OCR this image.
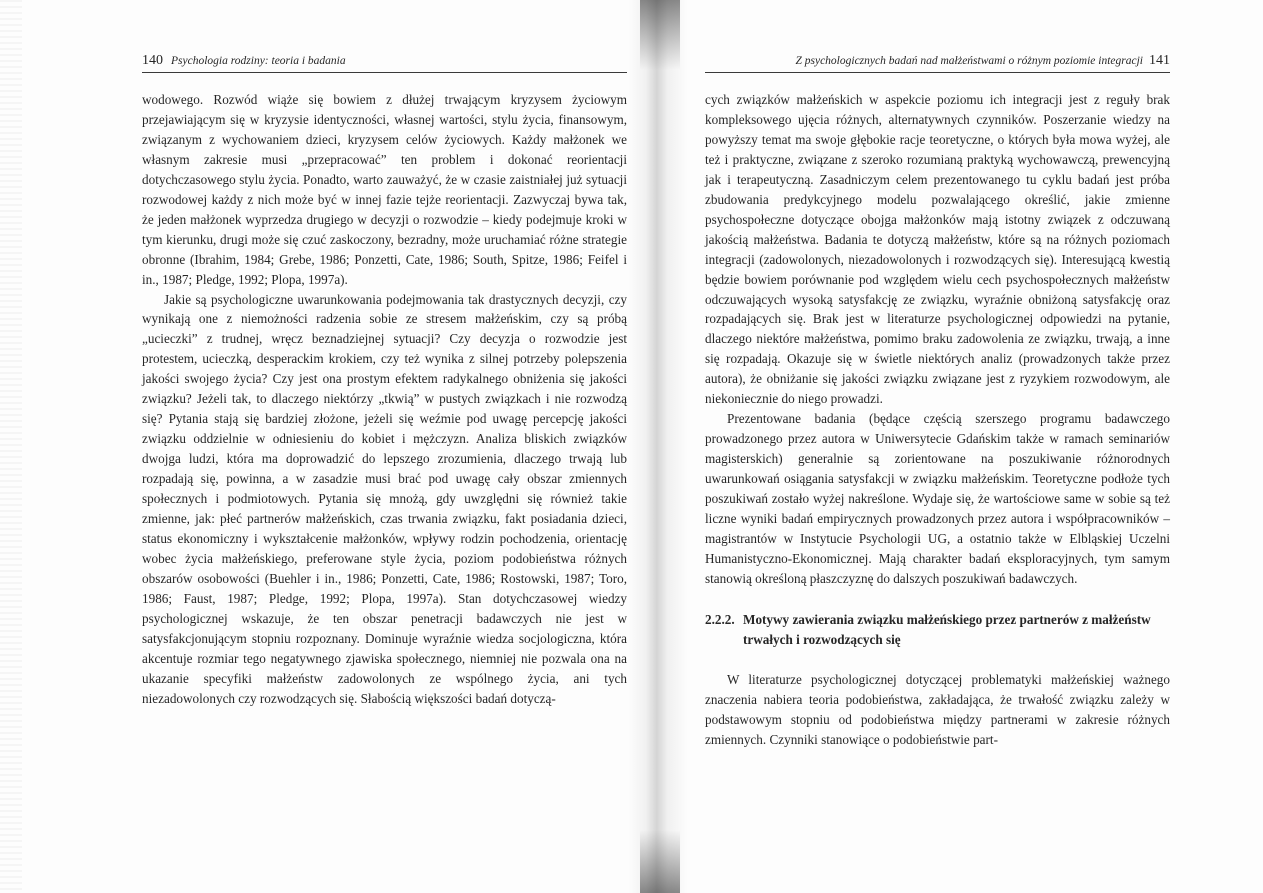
140 Psychologia rodziny: teoria i badania

wodowego. Rozwód wiąże się bowiem z dłużej trwającym kryzysem życiowym przejawiającym się w kryzysie identyczności, własnej wartości, stylu życia, finansowym, związanym z wychowaniem dzieci, kryzysem celów życiowych. Każdy małżonek we własnym zakresie musi „przepracować” ten problem i dokonać reorientacji dotychczasowego stylu życia. Ponadto, warto zauważyć, że w czasie zaistniałej już sytuacji rozwodowej każdy z nich może być w innej fazie tejże reorientacji. Zazwyczaj bywa tak, że jeden małżonek wyprzedza drugiego w decyzji o rozwodzie – kiedy podejmuje kroki w tym kierunku, drugi może się czuć zaskoczony, bezradny, może uruchamiać różne strategie obronne (Ibrahim, 1984; Grebe, 1986; Ponzetti, Cate, 1986; South, Spitze, 1986; Feifel i in., 1987; Pledge, 1992; Plopa, 1997a).

Jakie są psychologiczne uwarunkowania podejmowania tak drastycznych decyzji, czy wynikają one z niemożności radzenia sobie ze stresem małżeńskim, czy są próbą „ucieczki” z trudnej, wręcz beznadziejnej sytuacji? Czy decyzja o rozwodzie jest protestem, ucieczką, desperackim krokiem, czy też wynika z silnej potrzeby polepszenia jakości swojego życia? Czy jest ona prostym efektem radykalnego obniżenia się jakości związku? Jeżeli tak, to dlaczego niektórzy „tkwią” w pustych związkach i nie rozwodzą się? Pytania stają się bardziej złożone, jeżeli się weźmie pod uwagę percepcję jakości związku oddzielnie w odniesieniu do kobiet i mężczyzn. Analiza bliskich związków dwojga ludzi, która ma doprowadzić do lepszego zrozumienia, dlaczego trwają lub rozpadają się, powinna, a w zasadzie musi brać pod uwagę cały obszar zmiennych społecznych i podmiotowych. Pytania się mnożą, gdy uwzględni się również takie zmienne, jak: płeć partnerów małżeńskich, czas trwania związku, fakt posiadania dzieci, status ekonomiczny i wykształcenie małżonków, wpływy rodzin pochodzenia, orientację wobec życia małżeńskiego, preferowane style życia, poziom podobieństwa różnych obszarów osobowości (Buehler i in., 1986; Ponzetti, Cate, 1986; Rostowski, 1987; Toro, 1986; Faust, 1987; Pledge, 1992; Plopa, 1997a). Stan dotychczasowej wiedzy psychologicznej wskazuje, że ten obszar penetracji badawczych nie jest w satysfakcjonującym stopniu rozpoznany. Dominuje wyraźnie wiedza socjologiczna, która akcentuje rozmiar tego negatywnego zjawiska społecznego, niemniej nie pozwala ona na ukazanie specyfiki małżeństw zadowolonych ze wspólnego życia, ani tych niezadowolonych czy rozwodzących się. Słabością większości badań dotyczą-

Z psychologicznych badań nad małżeństwami o różnym poziomie integracji 141

cych związków małżeńskich w aspekcie poziomu ich integracji jest z reguły brak kompleksowego ujęcia różnych, alternatywnych czynników. Poszerzanie wiedzy na powyższy temat ma swoje głębokie racje teoretyczne, o których była mowa wyżej, ale też i praktyczne, związane z szeroko rozumianą praktyką wychowawczą, prewencyjną jak i terapeutyczną. Zasadniczym celem prezentowanego tu cyklu badań jest próba zbudowania predykcyjnego modelu pozwalającego określić, jakie zmienne psychospołeczne dotyczące obojga małżonków mają istotny związek z odczuwaną jakością małżeństwa. Badania te dotyczą małżeństw, które są na różnych poziomach integracji (zadowolonych, niezadowolonych i rozwodzących się). Interesującą kwestią będzie bowiem porównanie pod względem wielu cech psychospołecznych małżeństw odczuwających wysoką satysfakcję ze związku, wyraźnie obniżoną satysfakcję oraz rozpadających się. Brak jest w literaturze psychologicznej odpowiedzi na pytanie, dlaczego niektóre małżeństwa, pomimo braku zadowolenia ze związku, trwają, a inne się rozpadają. Okazuje się w świetle niektórych analiz (prowadzonych także przez autora), że obniżanie się jakości związku związane jest z ryzykiem rozwodowym, ale niekoniecznie do niego prowadzi.

Prezentowane badania (będące częścią szerszego programu badawczego prowadzonego przez autora w Uniwersytecie Gdańskim także w ramach seminariów magisterskich) generalnie są zorientowane na poszukiwanie różnorodnych uwarunkowań osiągania satysfakcji w związku małżeńskim. Teoretyczne podłoże tych poszukiwań zostało wyżej nakreślone. Wydaje się, że wartościowe same w sobie są też liczne wyniki badań empirycznych prowadzonych przez autora i współpracowników – magistrantów w Instytucie Psychologii UG, a ostatnio także w Elbląskiej Uczelni Humanistyczno-Ekonomicznej. Mają charakter badań eksploracyjnych, tym samym stanowią określoną płaszczyznę do dalszych poszukiwań badawczych.

2.2.2. Motywy zawierania związku małżeńskiego przez partnerów z małżeństw trwałych i rozwodzących się

W literaturze psychologicznej dotyczącej problematyki małżeńskiej ważnego znaczenia nabiera teoria podobieństwa, zakładająca, że trwałość związku zależy w podstawowym stopniu od podobieństwa między partnerami w zakresie różnych zmiennych. Czynniki stanowiące o podobieństwie part-
